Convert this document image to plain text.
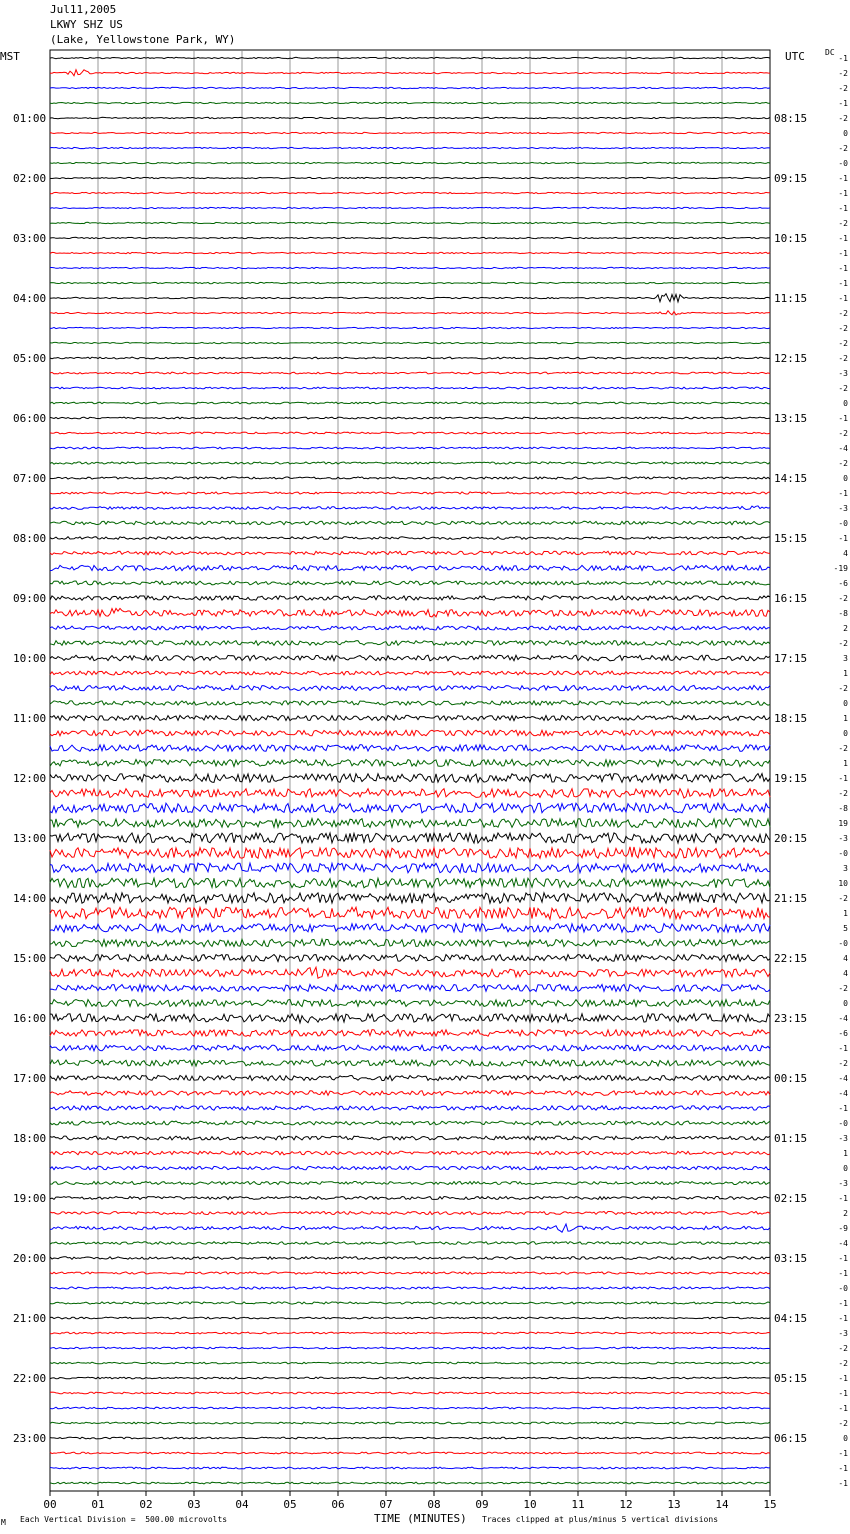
Jul11,2005
LKWY SHZ US
(Lake, Yellowstone Park, WY)
MST	UTC	DC
01:00
02:00
03:00
04:00
05:00
06:00
07:00
08:00
09:00
10:00
11:00
12:00
13:00
14:00
15:00
16:00
17:00
18:00
19:00
20:00
21:00
22:00
23:00
08:15
09:15
10:15
11:15
12:15
13:15
14:15
15:15
16:15
17:15
18:15
19:15
20:15
21:15
22:15
23:15
00:15
01:15
02:15
03:15
04:15
05:15
06:15
-1
-2
-2
-1
-2
0
-2
-0
-1
-1
-1
-2
-1
-1
-1
-1
-1
-2
-2
-2
-2
-3
-2
0
-1
-2
-4
-2
0
-1
-3
-0
-1
4
-19
-6
-2
-8
2
-2
3
1
-2
0
1
0
-2
1
-1
-2
-8
19
-3
-0
3
10
-2
1
5
-0
4
4
-2
0
-4
-6
-1
-2
-4
-4
-1
-0
-3
1
0
-3
-1
2
-9
-4
-1
-1
-0
-1
-1
-3
-2
-2
-1
-1
-1
-2
0
-1
-1
-1
00	01	02	03	04	05	06	07	08	09	10	11	12	13	14	15
M Each Vertical Division =  500.00 microvolts	TIME (MINUTES) Traces clipped at plus/minus 5 vertical divisions
